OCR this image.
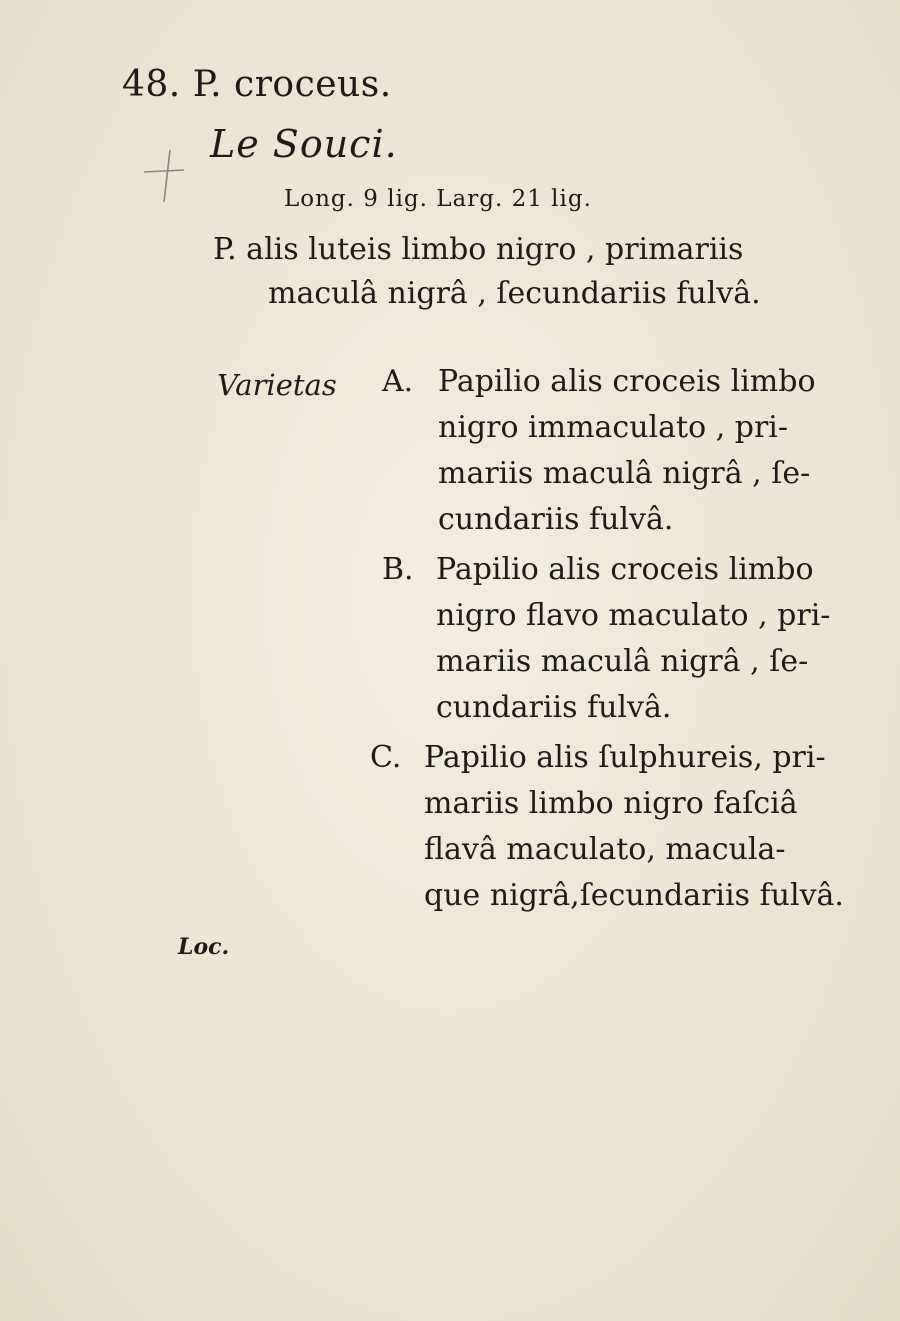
48. P. croceus.
Le Souci.
Long. 9 lig. Larg. 21 lig.
P. alis luteis limbo nigro , primariis
maculâ nigrâ , ſecundariis fulvâ.
Varietas A. Papilio alis croceis limbo
nigro immaculato , pri-
mariis maculâ nigrâ , ſe-
cundariis fulvâ.
B. Papilio alis croceis limbo
nigro flavo maculato , pri-
mariis maculâ nigrâ , ſe-
cundariis fulvâ.
C. Papilio alis ſulphureis, pri-
mariis limbo nigro faſciâ
flavâ maculato, macula-
que nigrâ,ſecundariis fulvâ.
Loc.
